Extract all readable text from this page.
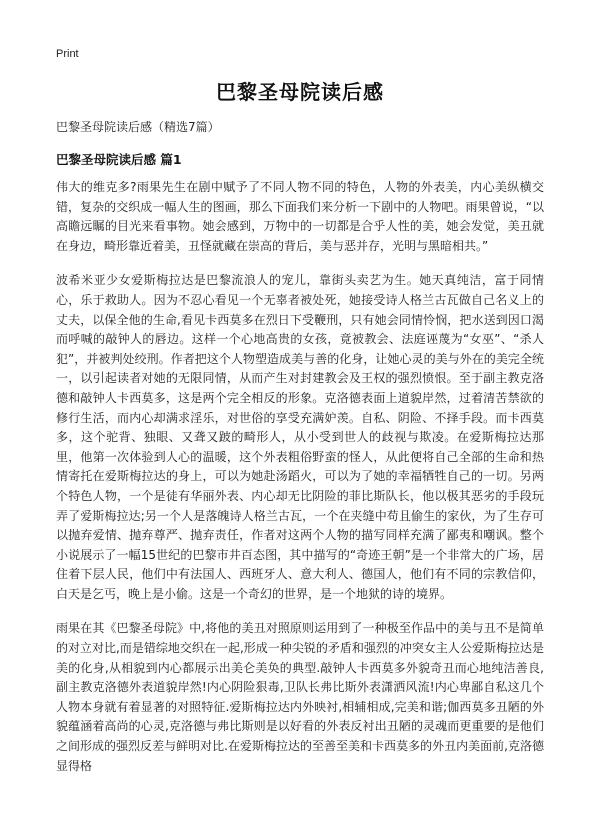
Print
巴黎圣母院读后感

巴黎圣母院读后感（精选7篇）

巴黎圣母院读后感 篇1

伟大的维克多?雨果先生在剧中赋予了不同人物不同的特色，人物的外表美，内心美纵横交错，复杂的交织成一幅人生的图画，那么下面我们来分析一下剧中的人物吧。雨果曾说，“以高瞻远瞩的目光来看事物。她会感到，万物中的一切都是合乎人性的美，她会发觉，美丑就在身边，畸形靠近着美，丑怪就藏在崇高的背后，美与恶并存，光明与黑暗相共。”

波希米亚少女爱斯梅拉达是巴黎流浪人的宠儿，靠街头卖艺为生。她天真纯洁，富于同情心，乐于救助人。因为不忍心看见一个无辜者被处死，她接受诗人格兰古瓦做自己名义上的丈夫，以保全他的生命,看见卡西莫多在烈日下受鞭刑，只有她会同情怜悯，把水送到因口渴而呼喊的敲钟人的唇边。这样一个心地高贵的女孩，竟被教会、法庭诬蔑为“女巫”、“杀人犯”，并被判处绞刑。作者把这个人物塑造成美与善的化身，让她心灵的美与外在的美完全统一，以引起读者对她的无限同情，从而产生对封建教会及王权的强烈愤恨。至于副主教克洛德和敲钟人卡西莫多，这是两个完全相反的形象。克洛德表面上道貌岸然，过着清苦禁欲的修行生活，而内心却满求淫乐，对世俗的享受充满妒羡。自私、阴险、不择手段。而卡西莫多，这个驼背、独眼、又聋又跛的畸形人，从小受到世人的歧视与欺凌。在爱斯梅拉达那里，他第一次体验到人心的温暖，这个外表粗俗野蛮的怪人，从此便将自己全部的生命和热情寄托在爱斯梅拉达的身上，可以为她赴汤蹈火，可以为了她的幸福牺牲自己的一切。另两个特色人物，一个是徒有华丽外表、内心却无比阴险的菲比斯队长，他以极其恶劣的手段玩弄了爱斯梅拉达;另一个人是落魄诗人格兰古瓦，一个在夹缝中苟且偷生的家伙，为了生存可以抛弃爱情、抛弃尊严、抛弃责任，作者对这两个人物的描写同样充满了鄙夷和嘲讽。整个小说展示了一幅15世纪的巴黎市井百态图，其中描写的“奇迹王朝”是一个非常大的广场，居住着下层人民，他们中有法国人、西班牙人、意大利人、德国人，他们有不同的宗教信仰，白天是乞丐，晚上是小偷。这是一个奇幻的世界，是一个地狱的诗的境界。

雨果在其《巴黎圣母院》中,将他的美丑对照原则运用到了一种极至作品中的美与丑不是简单的对立对比,而是错综地交织在一起,形成一种尖锐的矛盾和强烈的冲突女主人公爱斯梅拉达是美的化身,从相貌到内心都展示出美仑美奂的典型.敲钟人卡西莫多外貌奇丑而心地纯洁善良,副主教克洛德外表道貌岸然!内心阴险狠毒,卫队长弗比斯外表潇洒风流!内心卑鄙自私这几个人物本身就有着显著的对照特征.爱斯梅拉达内外映衬,相辅相成,完美和谐;伽西莫多丑陋的外貌蕴涵着高尚的心灵,克洛德与弗比斯则是以好看的外表反衬出丑陋的灵魂而更重要的是他们之间形成的强烈反差与鲜明对比.在爱斯梅拉达的至善至美和卡西莫多的外丑内美面前,克洛德显得格
